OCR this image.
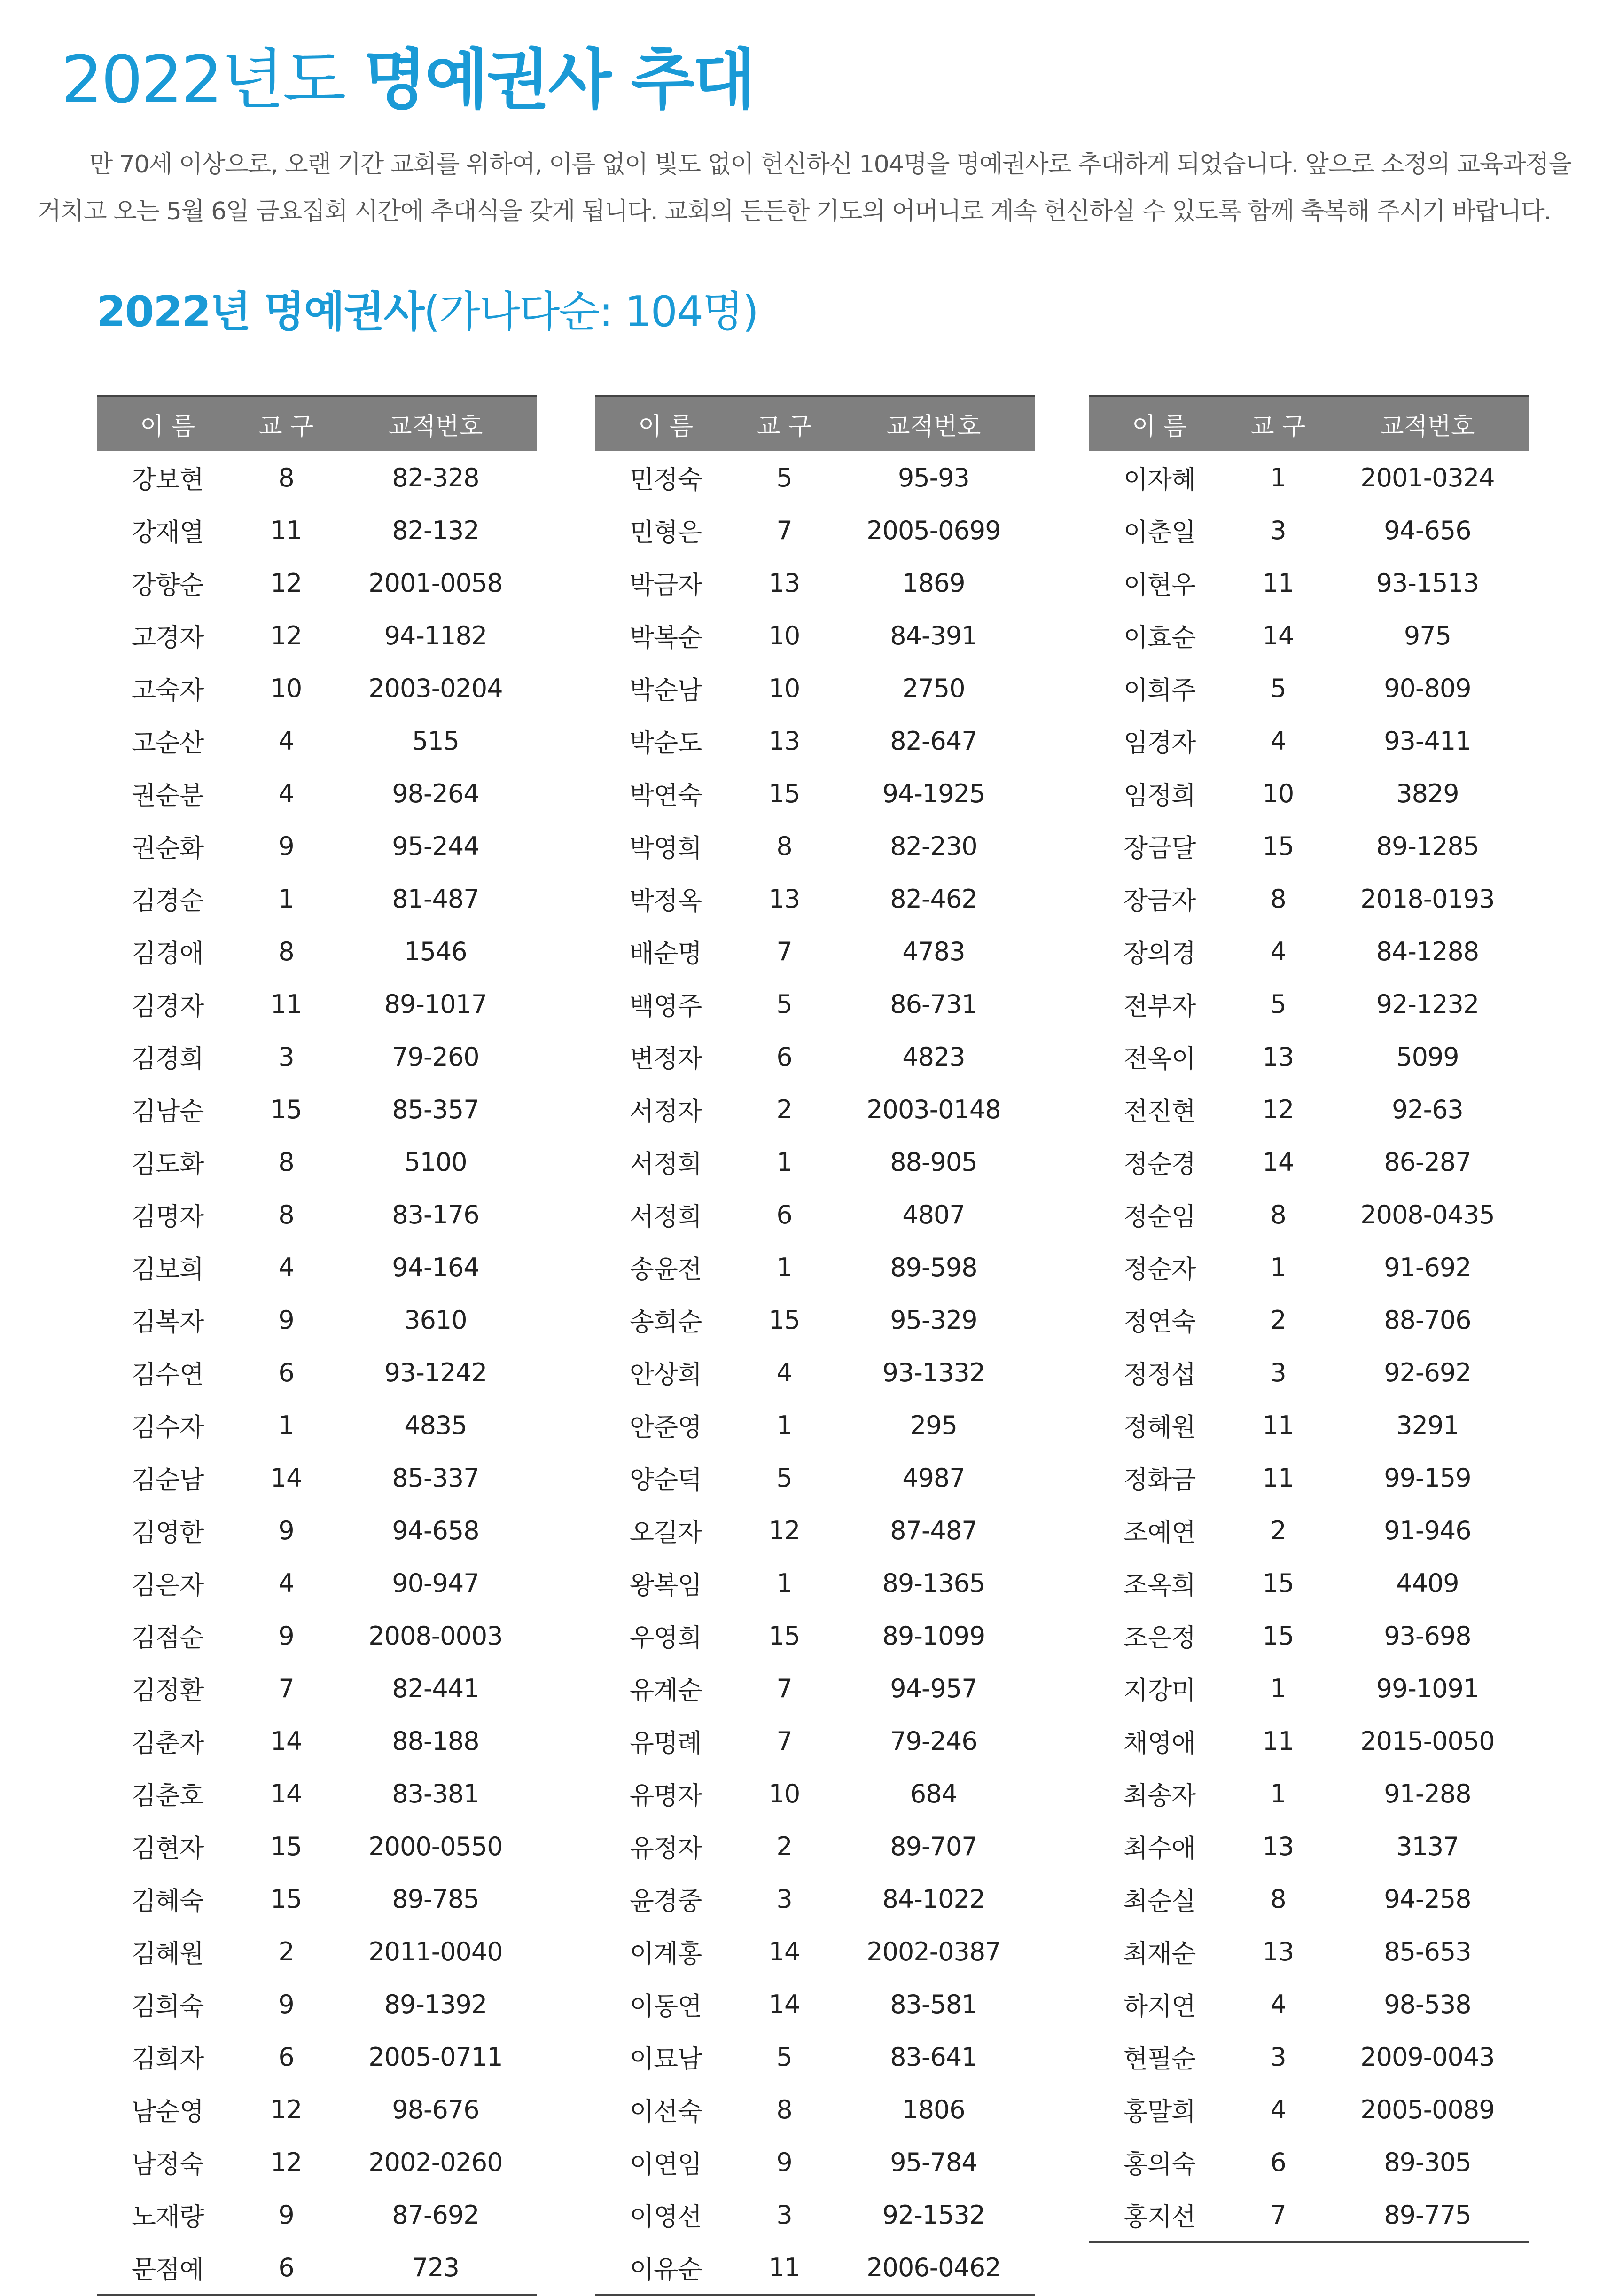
2022년도 명예권사 추대

만 70세 이상으로, 오랜 기간 교회를 위하여, 이름 없이 빛도 없이 헌신하신 104명을 명예권사로 추대하게 되었습니다. 앞으로 소정의 교육과정을 거치고 오는 5월 6일 금요집회 시간에 추대식을 갖게 됩니다. 교회의 든든한 기도의 어머니로 계속 헌신하실 수 있도록 함께 축복해 주시기 바랍니다.

2022년 명예권사(가나다순: 104명)
이 름	교 구	교적번호
강보현	8	82-328
강재열	11	82-132
강향순	12	2001-0058
고경자	12	94-1182
고숙자	10	2003-0204
고순산	4	515
권순분	4	98-264
권순화	9	95-244
김경순	1	81-487
김경애	8	1546
김경자	11	89-1017
김경희	3	79-260
김남순	15	85-357
김도화	8	5100
김명자	8	83-176
김보희	4	94-164
김복자	9	3610
김수연	6	93-1242
김수자	1	4835
김순남	14	85-337
김영한	9	94-658
김은자	4	90-947
김점순	9	2008-0003
김정환	7	82-441
김춘자	14	88-188
김춘호	14	83-381
김현자	15	2000-0550
김혜숙	15	89-785
김혜원	2	2011-0040
김희숙	9	89-1392
김희자	6	2005-0711
남순영	12	98-676
남정숙	12	2002-0260
노재량	9	87-692
문점예	6	723
이 름	교 구	교적번호
민정숙	5	95-93
민형은	7	2005-0699
박금자	13	1869
박복순	10	84-391
박순남	10	2750
박순도	13	82-647
박연숙	15	94-1925
박영희	8	82-230
박정옥	13	82-462
배순명	7	4783
백영주	5	86-731
변정자	6	4823
서정자	2	2003-0148
서정희	1	88-905
서정희	6	4807
송윤전	1	89-598
송희순	15	95-329
안상희	4	93-1332
안준영	1	295
양순덕	5	4987
오길자	12	87-487
왕복임	1	89-1365
우영희	15	89-1099
유계순	7	94-957
유명례	7	79-246
유명자	10	684
유정자	2	89-707
윤경중	3	84-1022
이계홍	14	2002-0387
이동연	14	83-581
이묘남	5	83-641
이선숙	8	1806
이연임	9	95-784
이영선	3	92-1532
이유순	11	2006-0462
이 름	교 구	교적번호
이자혜	1	2001-0324
이춘일	3	94-656
이현우	11	93-1513
이효순	14	975
이희주	5	90-809
임경자	4	93-411
임정희	10	3829
장금달	15	89-1285
장금자	8	2018-0193
장의경	4	84-1288
전부자	5	92-1232
전옥이	13	5099
전진현	12	92-63
정순경	14	86-287
정순임	8	2008-0435
정순자	1	91-692
정연숙	2	88-706
정정섭	3	92-692
정혜원	11	3291
정화금	11	99-159
조예연	2	91-946
조옥희	15	4409
조은정	15	93-698
지강미	1	99-1091
채영애	11	2015-0050
최송자	1	91-288
최수애	13	3137
최순실	8	94-258
최재순	13	85-653
하지연	4	98-538
현필순	3	2009-0043
홍말희	4	2005-0089
홍의숙	6	89-305
홍지선	7	89-775
